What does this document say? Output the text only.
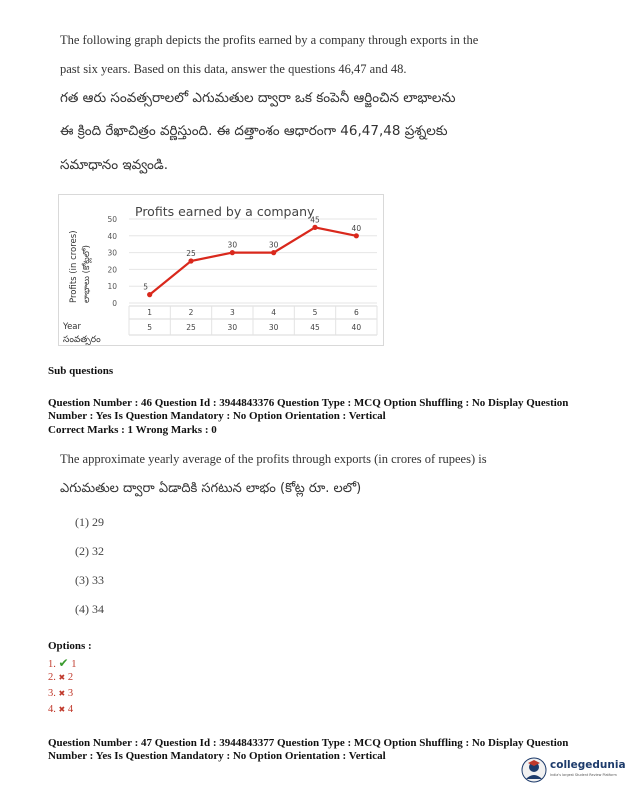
The following graph depicts the profits earned by a company through exports in the
past six years. Based on this data, answer the questions 46,47 and 48.
గత ఆరు సంవత్సరాలలో ఎగుమతుల ద్వారా ఒక కంపెనీ ఆర్జించిన లాభాలను
ఈ క్రింది రేఖాచిత్రం వర్ణిస్తుంది. ఈ దత్తాంశం ఆధారంగా 46,47,48 ప్రశ్నలకు
సమాధానం ఇవ్వండి.
Profits earned by a company
Profits (in crores) లాభాలు (కోట్లలో)
Year
సంవత్సరం
0
10
20
30
40
50
1
5
2
25
3
30
4
30
5
45
6
40
5
25
30	30
45
40
Sub questions
Question Number : 46 Question Id : 3944843376 Question Type : MCQ Option Shuffling : No Display Question
Number : Yes Is Question Mandatory : No Option Orientation : Vertical
Correct Marks : 1 Wrong Marks : 0
The approximate yearly average of the profits through exports (in crores of rupees) is
ఎగుమతుల ద్వారా ఏడాదికి సగటున లాభం (కోట్ల రూ. లలో)
(1) 29
(2) 32
(3) 33
(4) 34
Options :
1. ✔ 1
2. ✖ 2
3. ✖ 3
4. ✖ 4
Question Number : 47 Question Id : 3944843377 Question Type : MCQ Option Shuffling : No Display Question
Number : Yes Is Question Mandatory : No Option Orientation : Vertical
collegedunia
India's largest Student Review Platform
